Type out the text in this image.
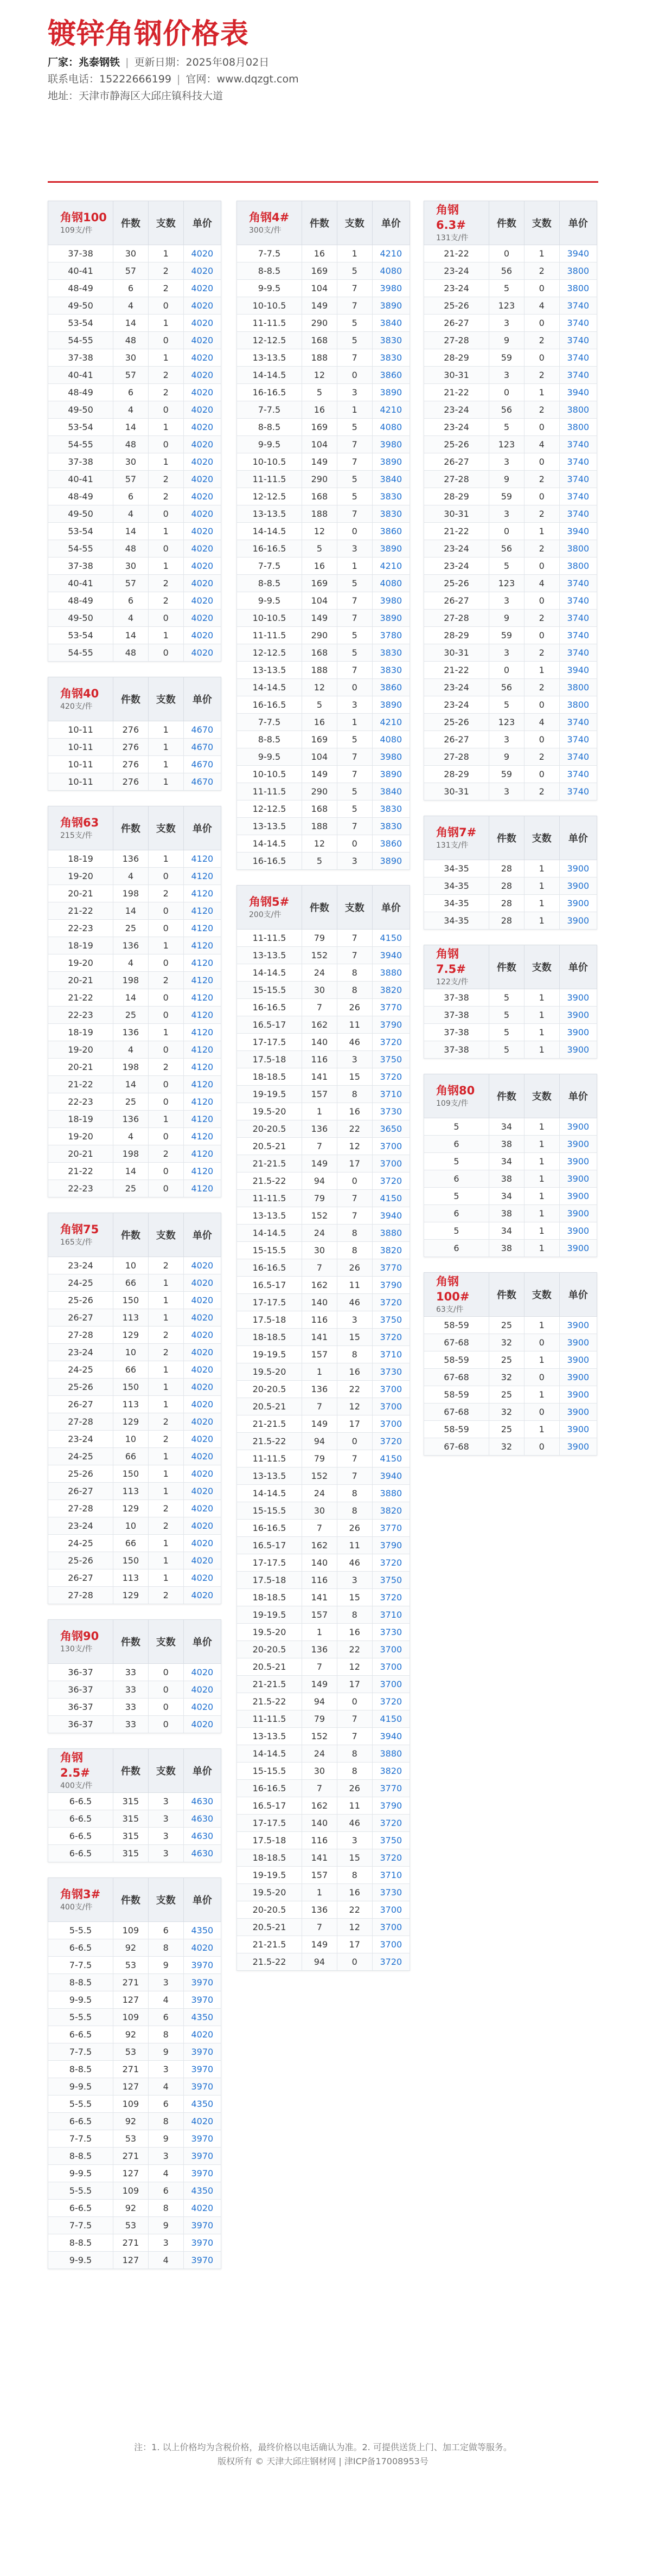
镀锌角钢价格表
厂家：兆泰钢铁 | 更新日期：2025年08月02日
联系电话：15222666199 | 官网：www.dqzgt.com
地址：天津市静海区大邱庄镇科技大道
角钢100
109支/件	件数	支数	单价
37-38	30	1	4020
40-41	57	2	4020
48-49	6	2	4020
49-50	4	0	4020
53-54	14	1	4020
54-55	48	0	4020
37-38	30	1	4020
40-41	57	2	4020
48-49	6	2	4020
49-50	4	0	4020
53-54	14	1	4020
54-55	48	0	4020
37-38	30	1	4020
40-41	57	2	4020
48-49	6	2	4020
49-50	4	0	4020
53-54	14	1	4020
54-55	48	0	4020
37-38	30	1	4020
40-41	57	2	4020
48-49	6	2	4020
49-50	4	0	4020
53-54	14	1	4020
54-55	48	0	4020
角钢40
420支/件	件数	支数	单价
10-11	276	1	4670
10-11	276	1	4670
10-11	276	1	4670
10-11	276	1	4670
角钢63
215支/件	件数	支数	单价
18-19	136	1	4120
19-20	4	0	4120
20-21	198	2	4120
21-22	14	0	4120
22-23	25	0	4120
18-19	136	1	4120
19-20	4	0	4120
20-21	198	2	4120
21-22	14	0	4120
22-23	25	0	4120
18-19	136	1	4120
19-20	4	0	4120
20-21	198	2	4120
21-22	14	0	4120
22-23	25	0	4120
18-19	136	1	4120
19-20	4	0	4120
20-21	198	2	4120
21-22	14	0	4120
22-23	25	0	4120
角钢75
165支/件	件数	支数	单价
23-24	10	2	4020
24-25	66	1	4020
25-26	150	1	4020
26-27	113	1	4020
27-28	129	2	4020
23-24	10	2	4020
24-25	66	1	4020
25-26	150	1	4020
26-27	113	1	4020
27-28	129	2	4020
23-24	10	2	4020
24-25	66	1	4020
25-26	150	1	4020
26-27	113	1	4020
27-28	129	2	4020
23-24	10	2	4020
24-25	66	1	4020
25-26	150	1	4020
26-27	113	1	4020
27-28	129	2	4020
角钢90
130支/件	件数	支数	单价
36-37	33	0	4020
36-37	33	0	4020
36-37	33	0	4020
36-37	33	0	4020
角钢2.5#
400支/件	件数	支数	单价
6-6.5	315	3	4630
6-6.5	315	3	4630
6-6.5	315	3	4630
6-6.5	315	3	4630
角钢3#
400支/件	件数	支数	单价
5-5.5	109	6	4350
6-6.5	92	8	4020
7-7.5	53	9	3970
8-8.5	271	3	3970
9-9.5	127	4	3970
5-5.5	109	6	4350
6-6.5	92	8	4020
7-7.5	53	9	3970
8-8.5	271	3	3970
9-9.5	127	4	3970
5-5.5	109	6	4350
6-6.5	92	8	4020
7-7.5	53	9	3970
8-8.5	271	3	3970
9-9.5	127	4	3970
5-5.5	109	6	4350
6-6.5	92	8	4020
7-7.5	53	9	3970
8-8.5	271	3	3970
9-9.5	127	4	3970
角钢4#
300支/件	件数	支数	单价
7-7.5	16	1	4210
8-8.5	169	5	4080
9-9.5	104	7	3980
10-10.5	149	7	3890
11-11.5	290	5	3840
12-12.5	168	5	3830
13-13.5	188	7	3830
14-14.5	12	0	3860
16-16.5	5	3	3890
7-7.5	16	1	4210
8-8.5	169	5	4080
9-9.5	104	7	3980
10-10.5	149	7	3890
11-11.5	290	5	3840
12-12.5	168	5	3830
13-13.5	188	7	3830
14-14.5	12	0	3860
16-16.5	5	3	3890
7-7.5	16	1	4210
8-8.5	169	5	4080
9-9.5	104	7	3980
10-10.5	149	7	3890
11-11.5	290	5	3780
12-12.5	168	5	3830
13-13.5	188	7	3830
14-14.5	12	0	3860
16-16.5	5	3	3890
7-7.5	16	1	4210
8-8.5	169	5	4080
9-9.5	104	7	3980
10-10.5	149	7	3890
11-11.5	290	5	3840
12-12.5	168	5	3830
13-13.5	188	7	3830
14-14.5	12	0	3860
16-16.5	5	3	3890
角钢5#
200支/件	件数	支数	单价
11-11.5	79	7	4150
13-13.5	152	7	3940
14-14.5	24	8	3880
15-15.5	30	8	3820
16-16.5	7	26	3770
16.5-17	162	11	3790
17-17.5	140	46	3720
17.5-18	116	3	3750
18-18.5	141	15	3720
19-19.5	157	8	3710
19.5-20	1	16	3730
20-20.5	136	22	3650
20.5-21	7	12	3700
21-21.5	149	17	3700
21.5-22	94	0	3720
11-11.5	79	7	4150
13-13.5	152	7	3940
14-14.5	24	8	3880
15-15.5	30	8	3820
16-16.5	7	26	3770
16.5-17	162	11	3790
17-17.5	140	46	3720
17.5-18	116	3	3750
18-18.5	141	15	3720
19-19.5	157	8	3710
19.5-20	1	16	3730
20-20.5	136	22	3700
20.5-21	7	12	3700
21-21.5	149	17	3700
21.5-22	94	0	3720
11-11.5	79	7	4150
13-13.5	152	7	3940
14-14.5	24	8	3880
15-15.5	30	8	3820
16-16.5	7	26	3770
16.5-17	162	11	3790
17-17.5	140	46	3720
17.5-18	116	3	3750
18-18.5	141	15	3720
19-19.5	157	8	3710
19.5-20	1	16	3730
20-20.5	136	22	3700
20.5-21	7	12	3700
21-21.5	149	17	3700
21.5-22	94	0	3720
11-11.5	79	7	4150
13-13.5	152	7	3940
14-14.5	24	8	3880
15-15.5	30	8	3820
16-16.5	7	26	3770
16.5-17	162	11	3790
17-17.5	140	46	3720
17.5-18	116	3	3750
18-18.5	141	15	3720
19-19.5	157	8	3710
19.5-20	1	16	3730
20-20.5	136	22	3700
20.5-21	7	12	3700
21-21.5	149	17	3700
21.5-22	94	0	3720
角钢6.3#
131支/件	件数	支数	单价
21-22	0	1	3940
23-24	56	2	3800
23-24	5	0	3800
25-26	123	4	3740
26-27	3	0	3740
27-28	9	2	3740
28-29	59	0	3740
30-31	3	2	3740
21-22	0	1	3940
23-24	56	2	3800
23-24	5	0	3800
25-26	123	4	3740
26-27	3	0	3740
27-28	9	2	3740
28-29	59	0	3740
30-31	3	2	3740
21-22	0	1	3940
23-24	56	2	3800
23-24	5	0	3800
25-26	123	4	3740
26-27	3	0	3740
27-28	9	2	3740
28-29	59	0	3740
30-31	3	2	3740
21-22	0	1	3940
23-24	56	2	3800
23-24	5	0	3800
25-26	123	4	3740
26-27	3	0	3740
27-28	9	2	3740
28-29	59	0	3740
30-31	3	2	3740
角钢7#
131支/件	件数	支数	单价
34-35	28	1	3900
34-35	28	1	3900
34-35	28	1	3900
34-35	28	1	3900
角钢7.5#
122支/件	件数	支数	单价
37-38	5	1	3900
37-38	5	1	3900
37-38	5	1	3900
37-38	5	1	3900
角钢80
109支/件	件数	支数	单价
5	34	1	3900
6	38	1	3900
5	34	1	3900
6	38	1	3900
5	34	1	3900
6	38	1	3900
5	34	1	3900
6	38	1	3900
角钢100#
63支/件	件数	支数	单价
58-59	25	1	3900
67-68	32	0	3900
58-59	25	1	3900
67-68	32	0	3900
58-59	25	1	3900
67-68	32	0	3900
58-59	25	1	3900
67-68	32	0	3900
注：1. 以上价格均为含税价格，最终价格以电话确认为准。2. 可提供送货上门、加工定做等服务。
版权所有 © 天津大邱庄钢材网 | 津ICP备17008953号
